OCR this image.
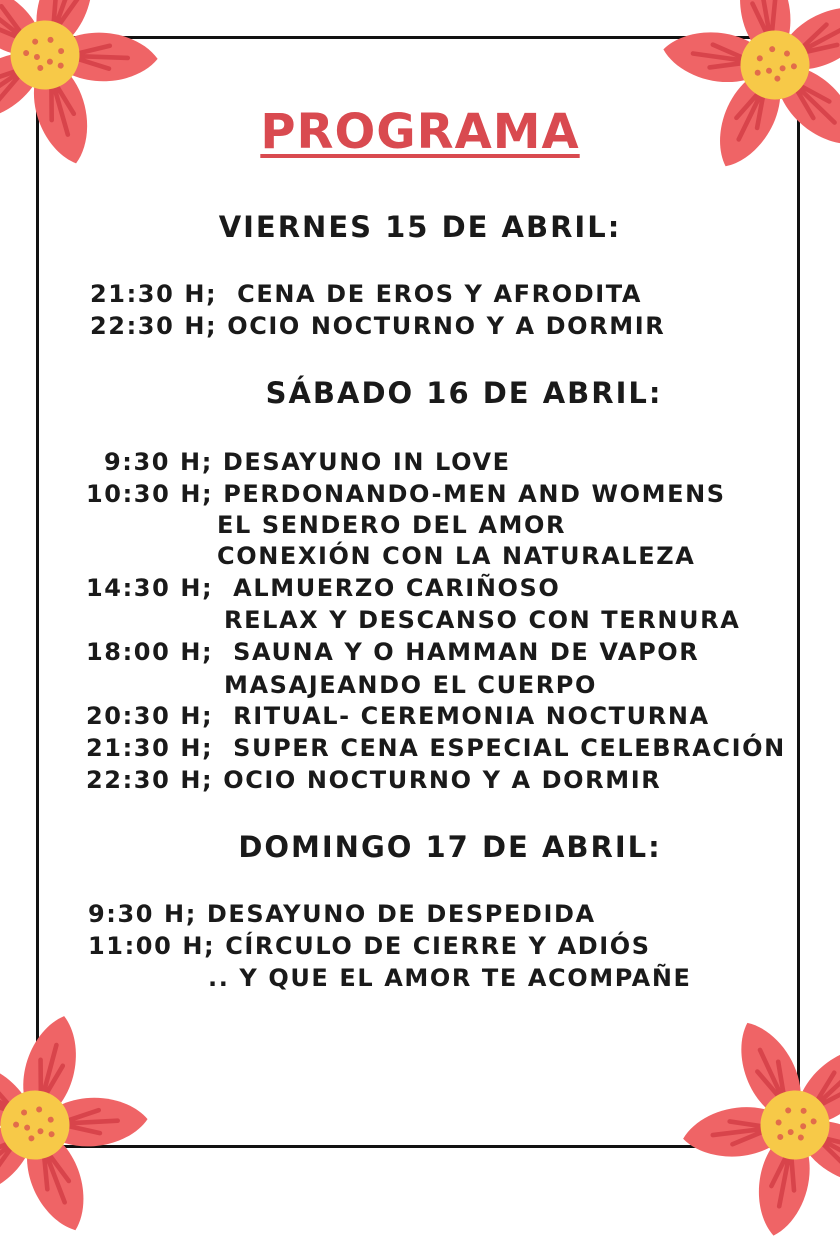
PROGRAMA
VIERNES 15 DE ABRIL:
21:30 H;  CENA DE EROS Y AFRODITA
22:30 H; OCIO NOCTURNO Y A DORMIR
SÁBADO 16 DE ABRIL:
9:30 H; DESAYUNO IN LOVE
10:30 H; PERDONANDO-MEN AND WOMENS
EL SENDERO DEL AMOR
CONEXIÓN CON LA NATURALEZA
14:30 H;  ALMUERZO CARIÑOSO
RELAX Y DESCANSO CON TERNURA
18:00 H;  SAUNA Y O HAMMAN DE VAPOR
MASAJEANDO EL CUERPO
20:30 H;  RITUAL- CEREMONIA NOCTURNA
21:30 H;  SUPER CENA ESPECIAL CELEBRACIÓN
22:30 H; OCIO NOCTURNO Y A DORMIR
DOMINGO 17 DE ABRIL:
9:30 H; DESAYUNO DE DESPEDIDA
11:00 H; CÍRCULO DE CIERRE Y ADIÓS
.. Y QUE EL AMOR TE ACOMPAÑE
